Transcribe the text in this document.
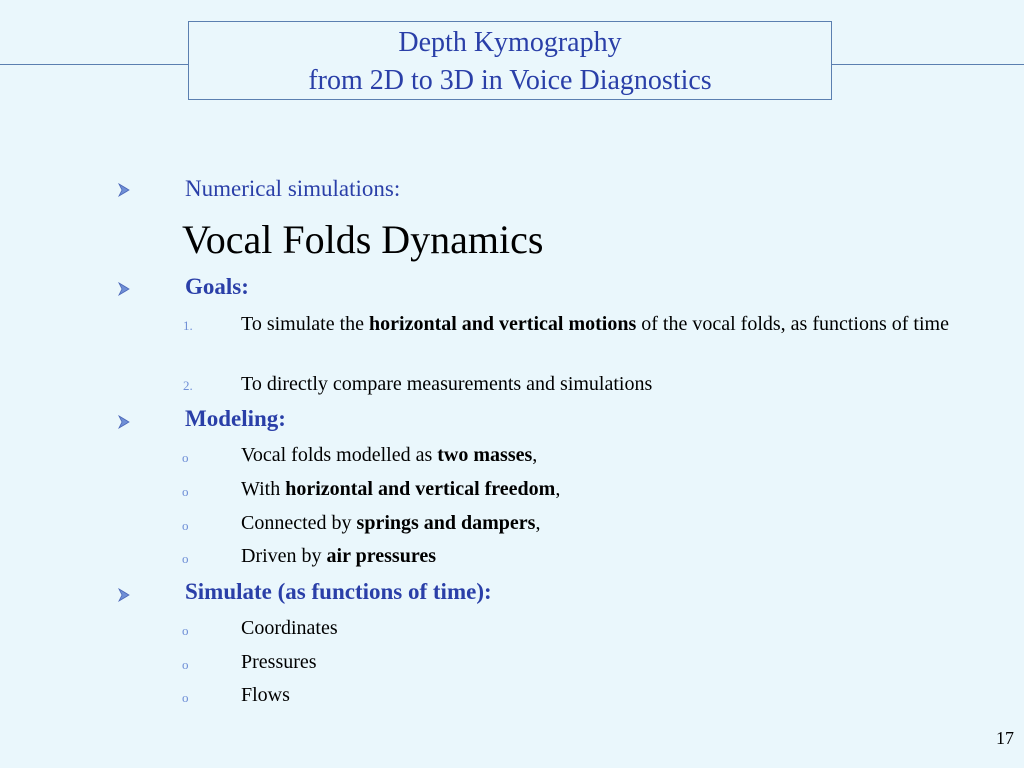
Depth Kymography
from 2D to 3D in Voice Diagnostics
Numerical simulations:
Vocal Folds Dynamics
Goals:
1. To simulate the horizontal and vertical motions of the vocal folds, as functions of time
2. To directly compare measurements and simulations
Modeling:
o	Vocal folds modelled as two masses,
o	With horizontal and vertical freedom,
o	Connected by springs and dampers,
o	Driven by air pressures
Simulate (as functions of time):
o	Coordinates
o	Pressures
o	Flows
17
